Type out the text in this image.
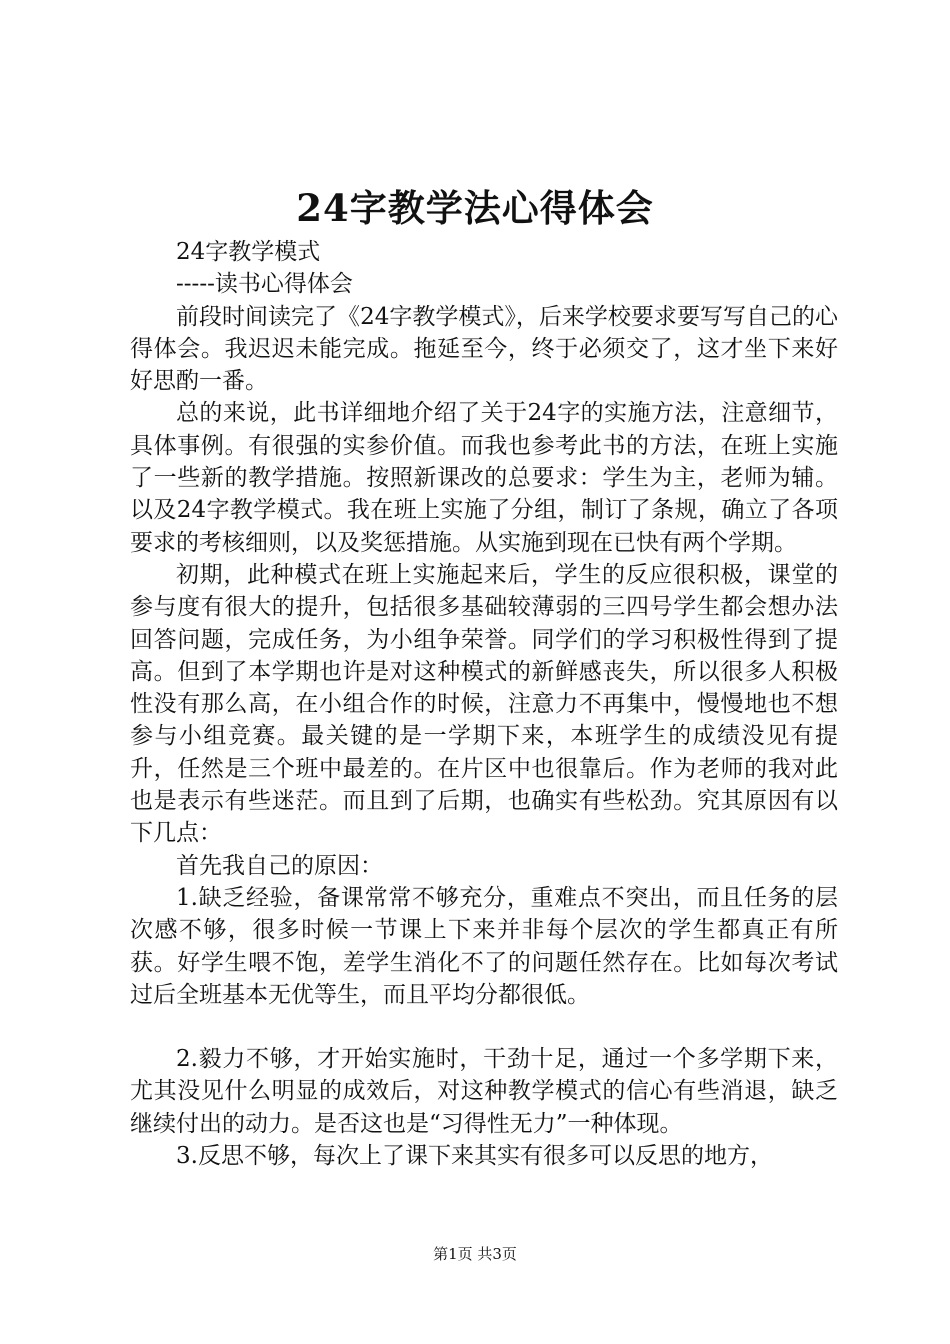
24字教学法心得体会

24字教学模式

-----读书心得体会

前段时间读完了《24字教学模式》，后来学校要求要写写自己的心得体会。我迟迟未能完成。拖延至今，终于必须交了，这才坐下来好好思酌一番。

总的来说，此书详细地介绍了关于24字的实施方法，注意细节，具体事例。有很强的实参价值。而我也参考此书的方法，在班上实施了一些新的教学措施。按照新课改的总要求：学生为主，老师为辅。以及24字教学模式。我在班上实施了分组，制订了条规，确立了各项要求的考核细则，以及奖惩措施。从实施到现在已快有两个学期。

初期，此种模式在班上实施起来后，学生的反应很积极，课堂的参与度有很大的提升，包括很多基础较薄弱的三四号学生都会想办法回答问题，完成任务，为小组争荣誉。同学们的学习积极性得到了提高。但到了本学期也许是对这种模式的新鲜感丧失，所以很多人积极性没有那么高，在小组合作的时候，注意力不再集中，慢慢地也不想参与小组竞赛。最关键的是一学期下来，本班学生的成绩没见有提升，任然是三个班中最差的。在片区中也很靠后。作为老师的我对此也是表示有些迷茫。而且到了后期，也确实有些松劲。究其原因有以下几点：

首先我自己的原因：

1.缺乏经验，备课常常不够充分，重难点不突出，而且任务的层次感不够，很多时候一节课上下来并非每个层次的学生都真正有所获。好学生喂不饱，差学生消化不了的问题任然存在。比如每次考试过后全班基本无优等生，而且平均分都很低。

2.毅力不够，才开始实施时，干劲十足，通过一个多学期下来，尤其没见什么明显的成效后，对这种教学模式的信心有些消退，缺乏继续付出的动力。是否这也是“习得性无力”一种体现。

3.反思不够，每次上了课下来其实有很多可以反思的地方，

第1页 共3页
